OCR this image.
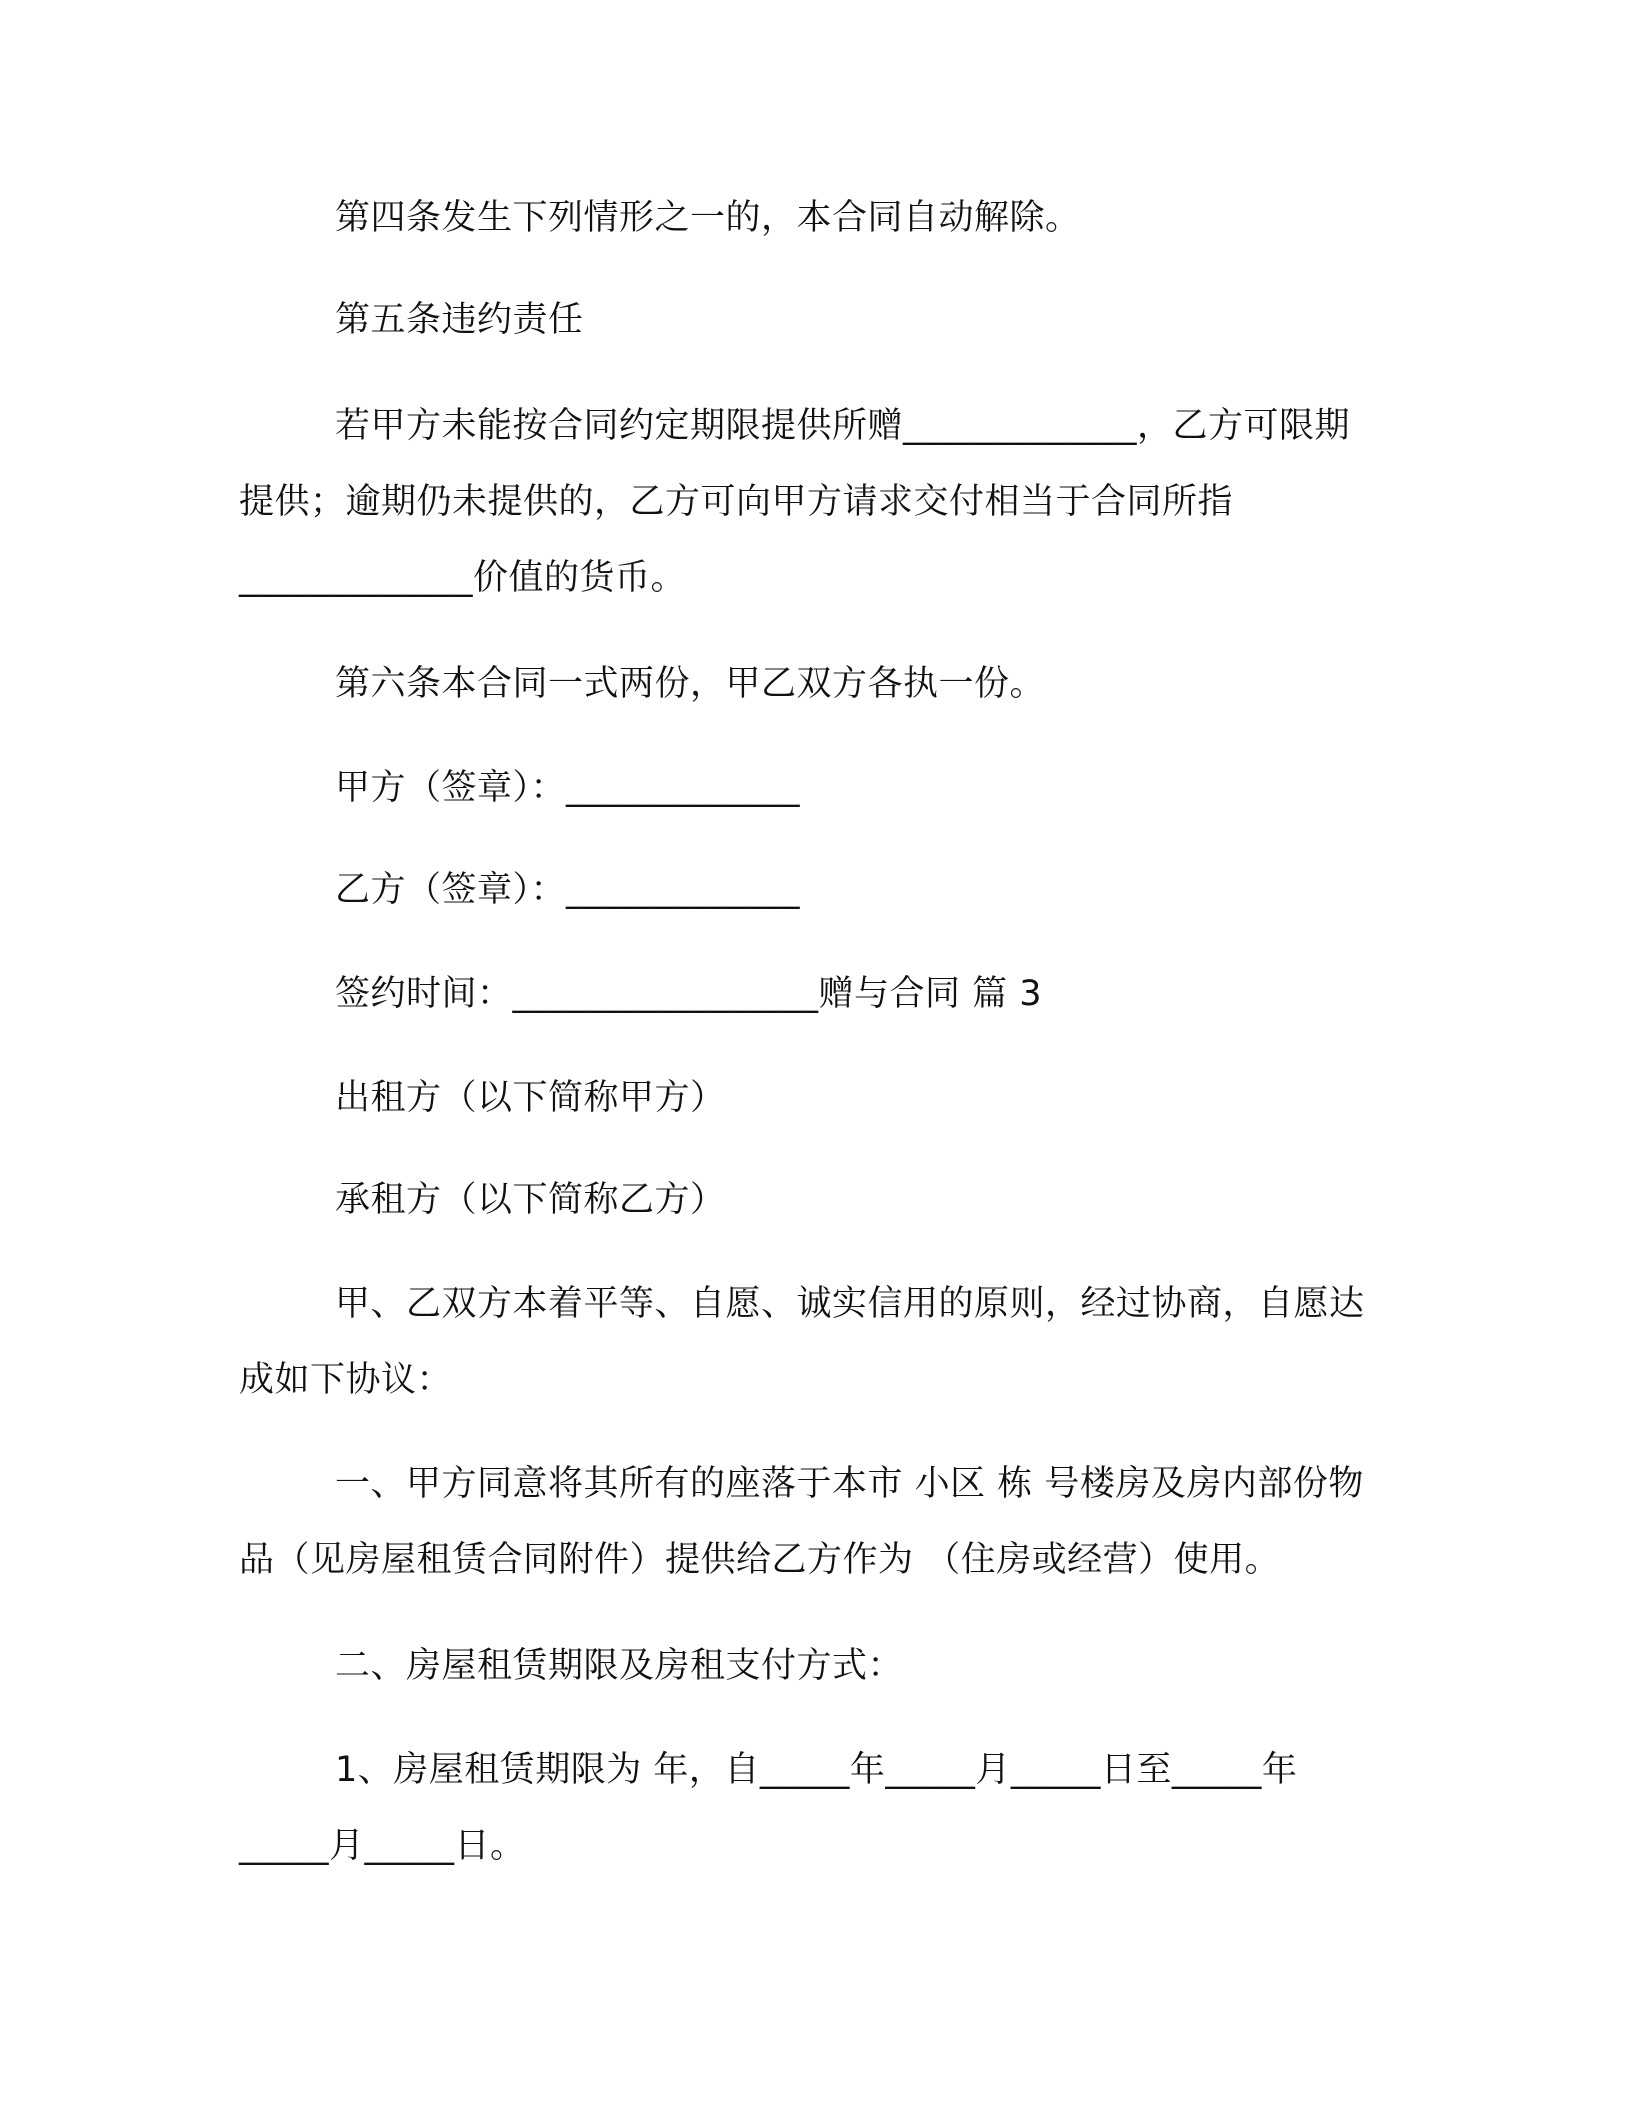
第四条发生下列情形之一的，本合同自动解除。
第五条违约责任
若甲方未能按合同约定期限提供所赠_____________，乙方可限期提供；逾期仍未提供的，乙方可向甲方请求交付相当于合同所指_____________价值的货币。
第六条本合同一式两份，甲乙双方各执一份。
甲方（签章）：_____________
乙方（签章）：_____________
签约时间：_________________赠与合同 篇 3
出租方（以下简称甲方）
承租方（以下简称乙方）
甲、乙双方本着平等、自愿、诚实信用的原则，经过协商，自愿达成如下协议：
一、甲方同意将其所有的座落于本市 小区 栋 号楼房及房内部份物品（见房屋租赁合同附件）提供给乙方作为 （住房或经营）使用。
二、房屋租赁期限及房租支付方式：
1、房屋租赁期限为 年，自_____年_____月_____日至_____年_____月_____日。
